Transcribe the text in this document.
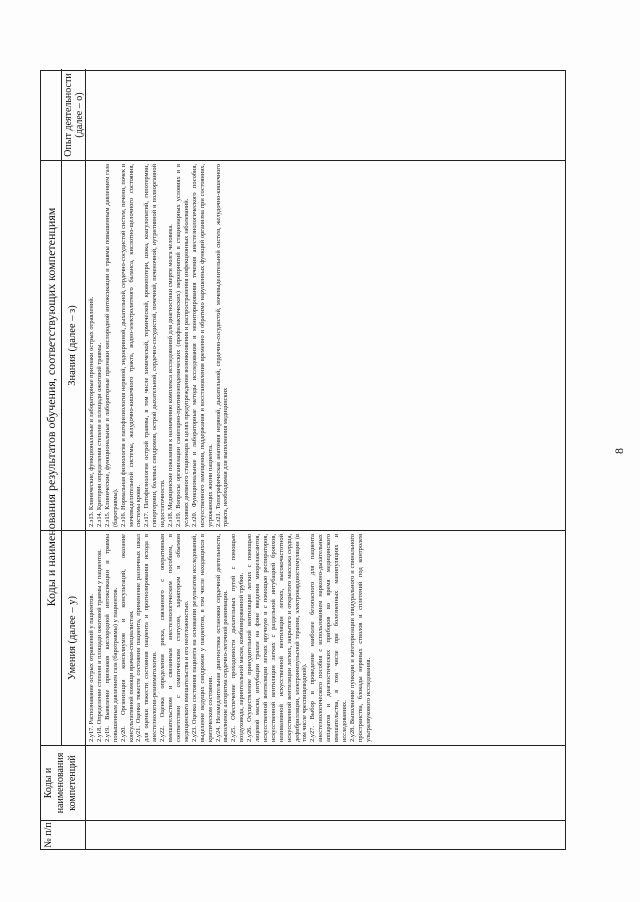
8
№ п/п
Коды и наименования компетенций
Коды и наименования результатов обучения, соответствующих компетенциям Знания (далее – з)
Умения (далее – у)
Опыт деятельности (далее – о)

2.з13. Клинические, функциональные и лабораторные признаки острых отравлений. 2.з14. Критерии определения степени и площади ожоговой травмы. 2.з15. Клинические, функциональные и лабораторные признаки кислородной интоксикации и травмы повышенным давлением газа (баротравмы). 2.з16. Нормальная физиология и патофизиология нервной, эндокринной, дыхательной, сердечно-сосудистой систем, печени, почек и мочевыделительной системы, желудочно-кишечного тракта, водно-электролитного баланса, кислотно-щелочного состояния, системы крови. 2.з17. Патофизиология острой травмы, в том числе химической, термической, кровопотери, шока, коагулопатий, гипотермии, гипертермии, болевых синдромов, острой дыхательной, сердечно-сосудистой, почечной, печеночной, нутритивной и полиорганной недостаточности. 2.з18. Медицинские показания к назначению комплекса исследований для диагностики смерти мозга человека. 2.з19. Вопросы организации санитарно-противоэпидемических (профилактических) мероприятий в стационарных условиях и в условиях дневного стационара в целях предупреждения возникновения и распространения инфекционных заболеваний. 2.з20. Функциональные и лабораторные методы исследования и мониторирования течения анестезиологического пособия, искусственного замещения, поддержания и восстановления временно и обратимо нарушенных функций организма при состояниях, угрожающих жизни пациента. 2.з21. Топографическая анатомия нервной, дыхательной, сердечно-сосудистой, мочевыделительной систем, желудочно-кишечного тракта, необходимая для выполнения медицинских

2.у17. Распознавание острых отравлений у пациентов. 2.у18. Определение степени и площади ожоговой травмы у пациентов. 2.у19. Выявление признаков кислородной интоксикации и травмы повышенным давлением газа (баротравмы) у пациентов. 2.у20. Организация консилиумов и консультаций, оказание консультативной помощи врачам-специалистам. 2.у21. Оценка тяжести состояния пациента, применение различных шкал для оценки тяжести состояния пациента и прогнозирования исхода в анестезиологии-реаниматологии. 2.у22. Оценка определения риска, связанного с оперативным вмешательством и связанным анестезиологическим пособием, в соответствии с соматическим статусом, характером и объемом медицинского вмешательства и его неотложностью. 2.у23. Оценка состояния пациента на основании результатов исследований, выделение ведущих синдромов у пациентов, в том числе находящихся в критическом состоянии. 2.у24. Незамедлительная диагностика остановки сердечной деятельности, выполнение алгоритма сердечно-легочной реанимации. 2.у25. Обеспечение проходимости дыхательных путей с помощью воздуховода, ларингеальной маски, комбинированной трубки. 2.у26. Осуществление принудительной вентиляции легких с помощью лицевой маски, интубации трахеи на фоне введения миорелаксантов, искусственной вентиляции легких вручную и с помощью респираторов, искусственной вентиляции легких с раздельной интубацией бронхов, неинвазивной искусственной вентиляции легких, высокочастотной искусственной вентиляции легких, закрытого и открытого массажа сердца, дефибрилляции, электроимпульсной терапии, электрокардиостимуляции (в том числе чреспищеводной). 2.у27. Выбор и проведение наиболее безопасного для пациента анестезиологического пособия с использованием наркозно-дыхательных аппаратов и диагностических приборов во время медицинского вмешательства, в том числе при болезненных манипуляциях и исследованиях. 2.у28. Выполнение пункции и катетеризации эпидурального и спинального пространства, блокады нервных стволов и сплетений под контролем ультразвукового исследования.
